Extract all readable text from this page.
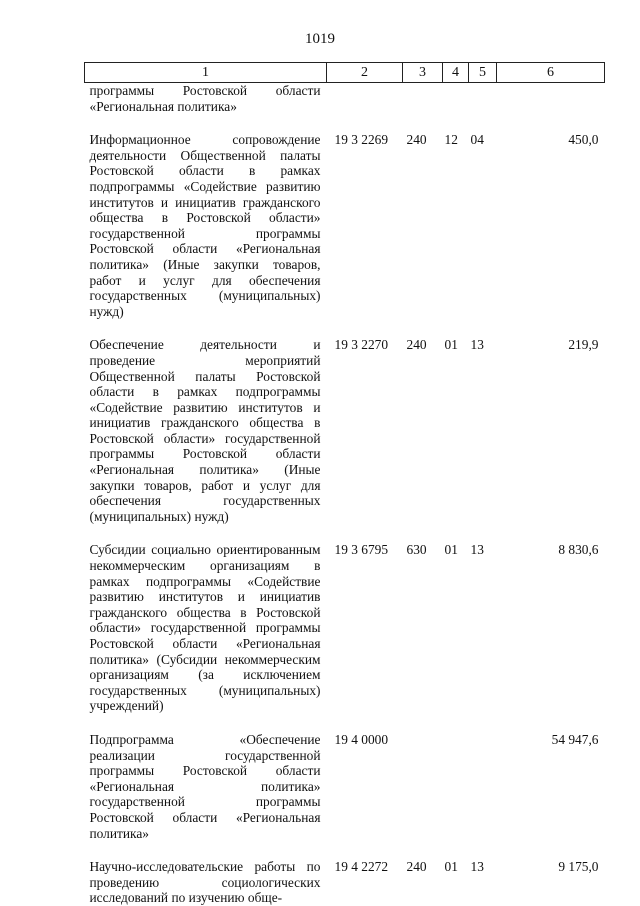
1019
1	2	3	4	5	6
программы Ростовской области «Региональная политика»					

Информационное сопровождение деятельности Общественной палаты Ростовской области в рамках подпрограммы «Содействие развитию институтов и инициатив гражданского общества в Ростовской области» государственной программы Ростовской области «Региональная политика» (Иные закупки товаров, работ и услуг для обеспечения государственных (муниципальных) нужд)	19 3 2269	240	12	04	450,0

Обеспечение деятельности и проведение мероприятий Общественной палаты Ростовской области в рамках подпрограммы «Содействие развитию институтов и инициатив гражданского общества в Ростовской области» государственной программы Ростовской области «Региональная политика» (Иные закупки товаров, работ и услуг для обеспечения государственных (муниципальных) нужд)	19 3 2270	240	01	13	219,9

Субсидии социально ориентированным некоммерческим организациям в рамках подпрограммы «Содействие развитию институтов и инициатив гражданского общества в Ростовской области» государственной программы Ростовской области «Региональная политика» (Субсидии некоммерческим организациям (за исключением государственных (муниципальных) учреждений)	19 3 6795	630	01	13	8 830,6

Подпрограмма «Обеспечение реализации государственной программы Ростовской области «Региональная политика» государственной программы Ростовской области «Региональная политика»	19 4 0000				54 947,6

Научно-исследовательские работы по проведению социологических исследований по изучению обще-	19 4 2272	240	01	13	9 175,0
